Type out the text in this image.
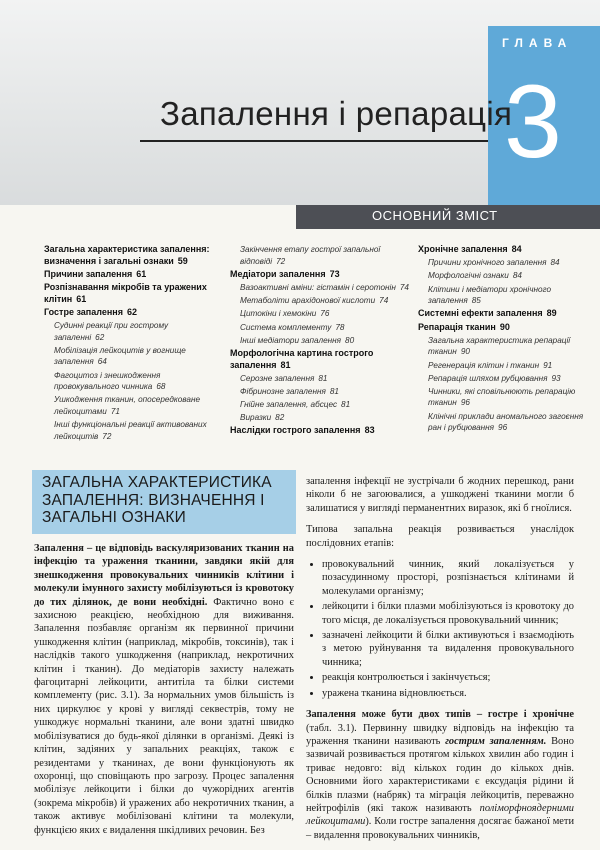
ГЛАВА
3
Запалення і репарація
ОСНОВНИЙ ЗМІСТ
Загальна характеристика запалення: визначення і загальні ознаки 59
Причини запалення 61
Розпізнавання мікробів та уражених клітин 61
Гостре запалення 62
Судинні реакції при гострому запаленні 62
Мобілізація лейкоцитів у вогнище запалення 64
Фагоцитоз і знешкодження провокувального чинника 68
Ушкодження тканин, опосередковане лейкоцитами 71
Інші функціональні реакції активованих лейкоцитів 72
Закінчення етапу гострої запальної відповіді 72
Медіатори запалення 73
Вазоактивні аміни: гістамін і серотонін 74
Метаболіти арахідонової кислоти 74
Цитокіни і хемокіни 76
Система комплементу 78
Інші медіатори запалення 80
Морфологічна картина гострого запалення 81
Серозне запалення 81
Фібринозне запалення 81
Гнійне запалення, абсцес 81
Виразки 82
Наслідки гострого запалення 83
Хронічне запалення 84
Причини хронічного запалення 84
Морфологічні ознаки 84
Клітини і медіатори хронічного запалення 85
Системні ефекти запалення 89
Репарація тканин 90
Загальна характеристика репарації тканин 90
Регенерація клітин і тканин 91
Репарація шляхом рубцювання 93
Чинники, які сповільнюють репарацію тканин 96
Клінічні приклади аномального загоєння ран і рубцювання 96
ЗАГАЛЬНА ХАРАКТЕРИСТИКА ЗАПАЛЕННЯ: ВИЗНАЧЕННЯ І ЗАГАЛЬНІ ОЗНАКИ

Запалення – це відповідь васкуляризованих тканин на інфекцію та ураження тканини, завдяки якій для знешкодження провокувальних чинників клітини і молекули імунного захисту мобілізуються із кровотоку до тих ділянок, де вони необхідні. Фактично воно є захисною реакцією, необхідною для виживання. Запалення позбавляє організм як первинної причини ушкодження клітин (наприклад, мікробів, токсинів), так і наслідків такого ушкодження (наприклад, некротичних клітин і тканин). До медіаторів захисту належать фагоцитарні лейкоцити, антитіла та білки системи комплементу (рис. 3.1). За нормальних умов більшість із них циркулює у крові у вигляді секвестрів, тому не ушкоджує нормальні тканини, але вони здатні швидко мобілізуватися до будь-якої ділянки в організмі. Деякі із клітин, задіяних у запальних реакціях, також є резидентами у тканинах, де вони функціонують як охоронці, що сповіщають про загрозу. Процес запалення мобілізує лейкоцити і білки до чужорідних агентів (зокрема мікробів) й уражених або некротичних тканин, а також активує мобілізовані клітини та молекули, функцією яких є видалення шкідливих речовин. Без

запалення інфекції не зустрічали б жодних перешкод, рани ніколи б не загоювалися, а ушкоджені тканини могли б залишатися у вигляді перманентних виразок, які б гноїлися.

Типова запальна реакція розвивається унаслідок послідовних етапів:

• провокувальний чинник, який локалізується у позасудинному просторі, розпізнається клітинами й молекулами організму;
• лейкоцити і білки плазми мобілізуються із кровотоку до того місця, де локалізується провокувальний чинник;
• зазначені лейкоцити й білки активуються і взаємодіють з метою руйнування та видалення провокувального чинника;
• реакція контролюється і закінчується;
• уражена тканина відновлюється.

Запалення може бути двох типів – гостре і хронічне (табл. 3.1). Первинну швидку відповідь на інфекцію та ураження тканини називають гострим запаленням. Воно зазвичай розвивається протягом кількох хвилин або годин і триває недовго: від кількох годин до кількох днів. Основними його характеристиками є ексудація рідини й білків плазми (набряк) та міграція лейкоцитів, переважно нейтрофілів (які також називають поліморфноядерними лейкоцитами). Коли гостре запалення досягає бажаної мети – видалення провокувальних чинників,
